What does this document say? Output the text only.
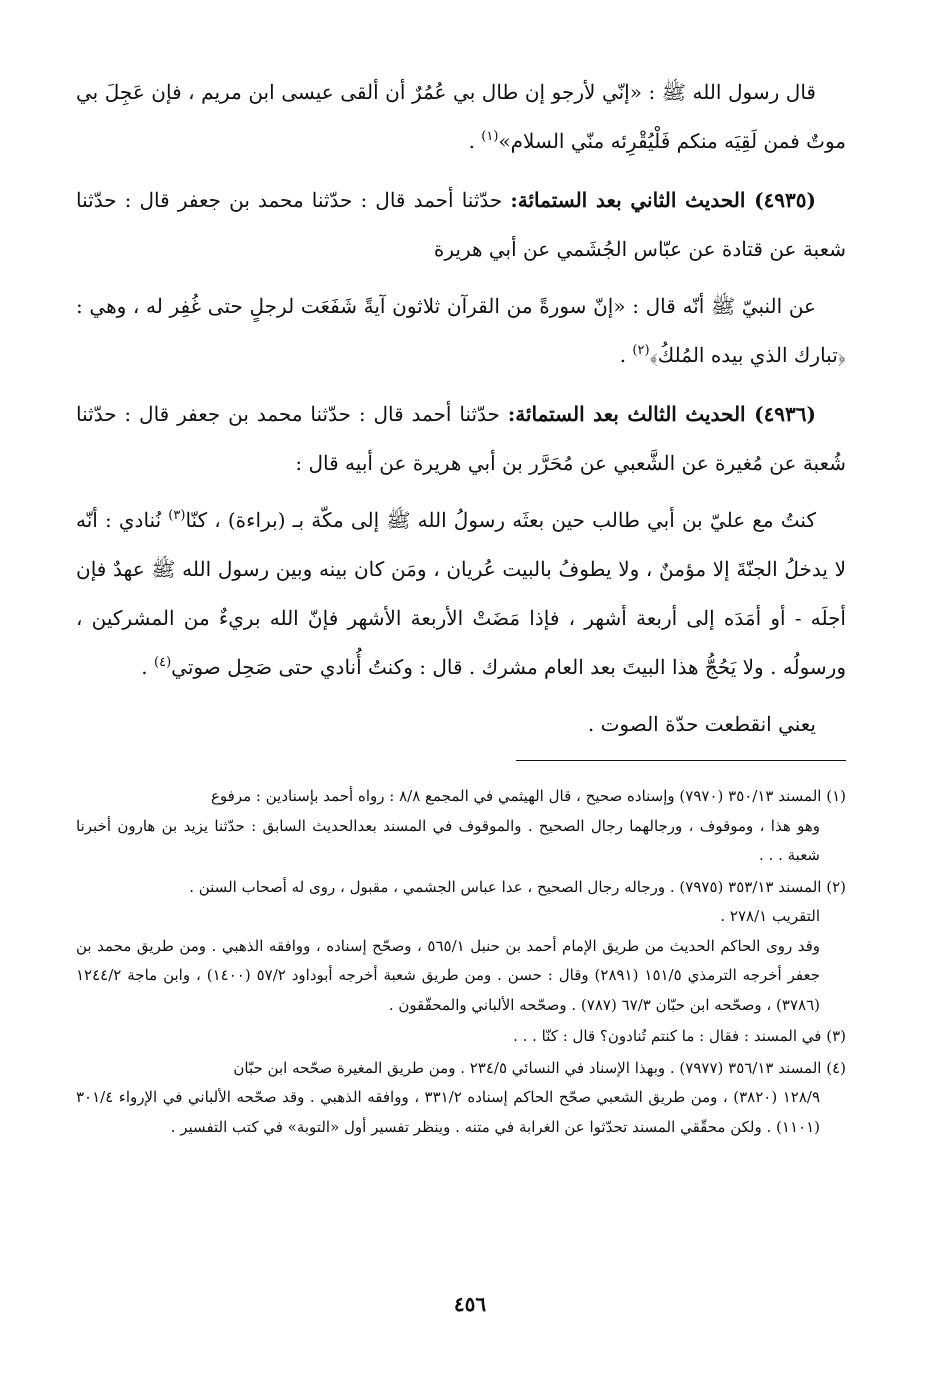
قال رسول الله ﷺ : «إنّي لأرجو إن طال بي عُمُرٌ أن ألقى عيسى ابن مريم ، فإن عَجِلَ بي موتٌ فمن لَقِيَه منكم فَلْيُقْرِئه منّي السلام»$^{(١)}$ .

(٤٩٣٥) الحديث الثاني بعد الستمائة: حدّثنا أحمد قال : حدّثنا محمد بن جعفر قال : حدّثنا شعبة عن قتادة عن عبّاس الجُشَمي عن أبي هريرة

عن النبيّ ﷺ أنّه قال : «إنّ سورةً من القرآن ثلاثون آيةً شَفَعَت لرجلٍ حتى غُفِر له ، وهي : ﴿تبارك الذي بيده المُلكُ﴾$^{(٢)}$ .

(٤٩٣٦) الحديث الثالث بعد الستمائة: حدّثنا أحمد قال : حدّثنا محمد بن جعفر قال : حدّثنا شُعبة عن مُغيرة عن الشَّعبي عن مُحَرَّر بن أبي هريرة عن أبيه قال :

كنتُ مع عليّ بن أبي طالب حين بعثَه رسولُ الله ﷺ إلى مكّة بـ (براءة) ، كنّا$^{(٣)}$ نُنادي : أنّه لا يدخلُ الجنّةَ إلا مؤمنٌ ، ولا يطوفُ بالبيت عُريان ، ومَن كان بينه وبين رسول الله ﷺ عهدٌ فإن أجلَه - أو أمَدَه إلى أربعة أشهر ، فإذا مَضَتْ الأربعة الأشهر فإنّ الله بريءٌ من المشركين ، ورسولُه . ولا يَحُجُّ هذا البيتَ بعد العام مشرك . قال : وكنتُ أُنادي حتى صَحِل صوتي$^{(٤)}$ .

يعني انقطعت حدّة الصوت .

(١) المسند ٣٥٠/١٣ (٧٩٧٠) وإسناده صحيح ، قال الهيثمي في المجمع ٨/٨ : رواه أحمد بإسنادين : مرفوع

وهو هذا ، وموقوف ، ورجالهما رجال الصحيح . والموقوف في المسند بعدالحديث السابق : حدّثنا يزيد بن هارون أخبرنا شعبة . . .

(٢) المسند ٣٥٣/١٣ (٧٩٧٥) . ورجاله رجال الصحيح ، عدا عباس الجشمي ، مقبول ، روى له أصحاب السنن .

التقريب ٢٧٨/١ .

وقد روى الحاكم الحديث من طريق الإمام أحمد بن حنبل ٥٦٥/١ ، وصحّح إسناده ، ووافقه الذهبي . ومن طريق محمد بن جعفر أخرجه الترمذي ١٥١/٥ (٢٨٩١) وقال : حسن . ومن طريق شعبة أخرجه أبوداود ٥٧/٢ (١٤٠٠) ، وابن ماجة ١٢٤٤/٢ (٣٧٨٦) ، وصحّحه ابن حبّان ٦٧/٣ (٧٨٧) . وصحّحه الألباني والمحقّقون .

(٣) في المسند : فقال : ما كنتم تُنادون؟ قال : كنّا . . .

(٤) المسند ٣٥٦/١٣ (٧٩٧٧) . وبهذا الإسناد في النسائي ٢٣٤/٥ . ومن طريق المغيرة صحّحه ابن حبّان

١٢٨/٩ (٣٨٢٠) ، ومن طريق الشعبي صحّح الحاكم إسناده ٣٣١/٢ ، ووافقه الذهبي . وقد صحّحه الألباني في الإرواء ٣٠١/٤ (١١٠١) . ولكن محقّقي المسند تحدّثوا عن الغرابة في متنه . وينظر تفسير أول «التوبة» في كتب التفسير .

٤٥٦
